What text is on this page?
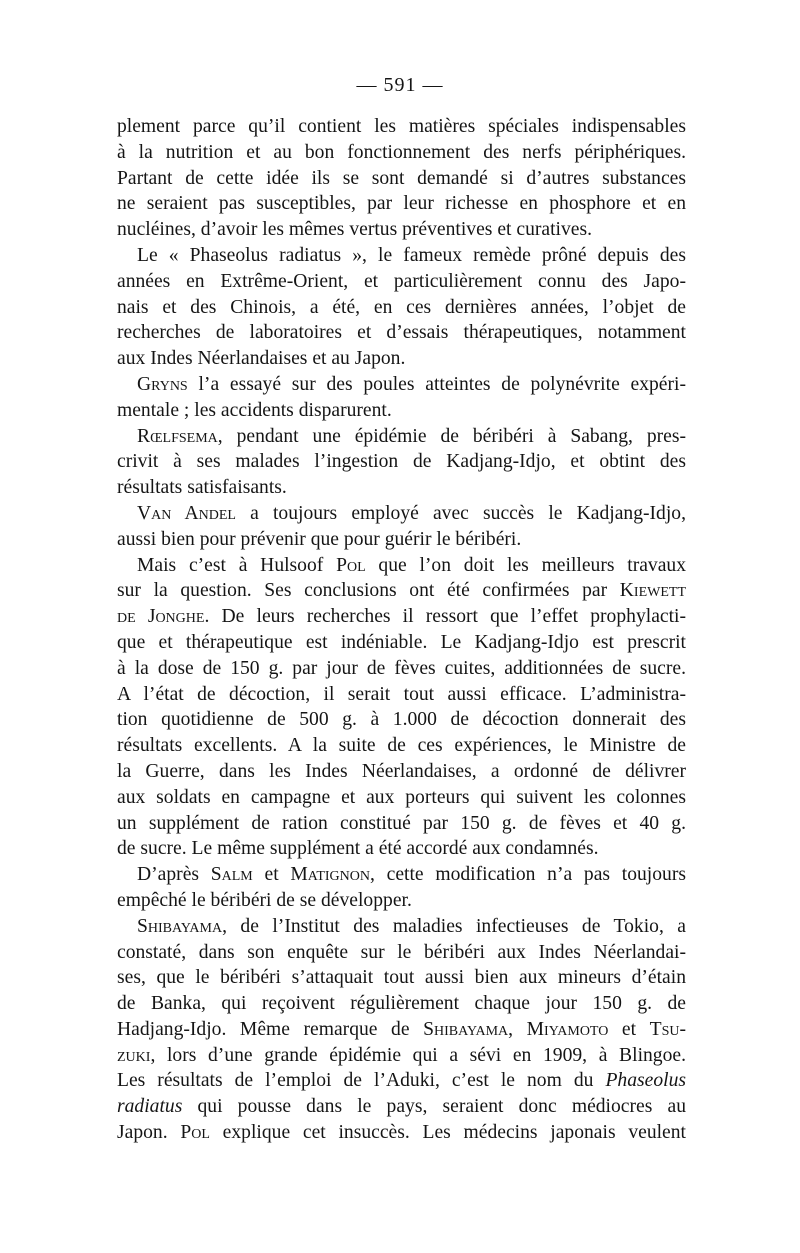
— 591 —
plement parce qu’il contient les matières spéciales indispensables
à la nutrition et au bon fonctionnement des nerfs périphériques.
Partant de cette idée ils se sont demandé si d’autres substances
ne seraient pas susceptibles, par leur richesse en phosphore et en
nucléines, d’avoir les mêmes vertus préventives et curatives.
Le « Phaseolus radiatus », le fameux remède prôné depuis des
années en Extrême-Orient, et particulièrement connu des Japo-
nais et des Chinois, a été, en ces dernières années, l’objet de
recherches de laboratoires et d’essais thérapeutiques, notamment
aux Indes Néerlandaises et au Japon.
Gryns l’a essayé sur des poules atteintes de polynévrite expéri-
mentale ; les accidents disparurent.
Rœlfsema, pendant une épidémie de béribéri à Sabang, pres-
crivit à ses malades l’ingestion de Kadjang-Idjo, et obtint des
résultats satisfaisants.
Van Andel a toujours employé avec succès le Kadjang-Idjo,
aussi bien pour prévenir que pour guérir le béribéri.
Mais c’est à Hulsoof Pol que l’on doit les meilleurs travaux
sur la question. Ses conclusions ont été confirmées par Kiewett
de Jonghe. De leurs recherches il ressort que l’effet prophylacti-
que et thérapeutique est indéniable. Le Kadjang-Idjo est prescrit
à la dose de 150 g. par jour de fèves cuites, additionnées de sucre.
A l’état de décoction, il serait tout aussi efficace. L’administra-
tion quotidienne de 500 g. à 1.000 de décoction donnerait des
résultats excellents. A la suite de ces expériences, le Ministre de
la Guerre, dans les Indes Néerlandaises, a ordonné de délivrer
aux soldats en campagne et aux porteurs qui suivent les colonnes
un supplément de ration constitué par 150 g. de fèves et 40 g.
de sucre. Le même supplément a été accordé aux condamnés.
D’après Salm et Matignon, cette modification n’a pas toujours
empêché le béribéri de se développer.
Shibayama, de l’Institut des maladies infectieuses de Tokio, a
constaté, dans son enquête sur le béribéri aux Indes Néerlandai-
ses, que le béribéri s’attaquait tout aussi bien aux mineurs d’étain
de Banka, qui reçoivent régulièrement chaque jour 150 g. de
Hadjang-Idjo. Même remarque de Shibayama, Miyamoto et Tsu-
zuki, lors d’une grande épidémie qui a sévi en 1909, à Blingoe.
Les résultats de l’emploi de l’Aduki, c’est le nom du Phaseolus
radiatus qui pousse dans le pays, seraient donc médiocres au
Japon. Pol explique cet insuccès. Les médecins japonais veulent
